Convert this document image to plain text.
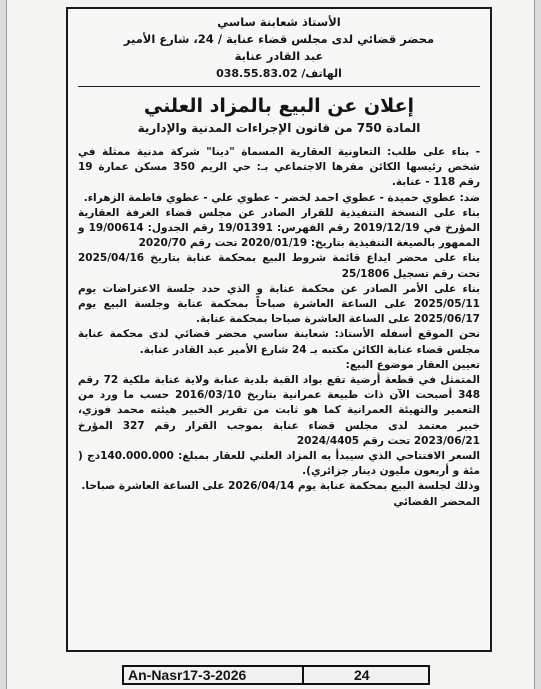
الأستاذ شعابنة ساسي
محضر قضائي لدى مجلس قضاء عنابة / 24، شارع الأمير
عبد القادر عنابة
الهاتف/ 038.55.83.02
إعلان عن البيع بالمزاد العلني
المادة 750 من قانون الإجراءات المدنية والإدارية

- بناء على طلب: التعاونية العقارية المسماة "دينا" شركة مدنية ممثلة في شخص رئيسها الكائن مقرها الاجتماعي بـ: حي الريم 350 مسكن عمارة 19 رقم 118 - عنابة.

ضد: عطوي حميدة - عطوي احمد لخضر - عطوي علي - عطوي فاطمة الزهراء.

بناء على النسخة التنفيذية للقرار الصادر عن مجلس قضاء الغرفة العقارية المؤرخ في 2019/12/19 رقم الفهرس: 19/01391 رقم الجدول: 19/00614 و الممهور بالصيغة التنفيذية بتاريخ: 2020/01/19 تحت رقم 2020/70

بناء على محضر ايداع قائمة شروط البيع بمحكمة عنابة بتاريخ 2025/04/16 تحت رقم تسجيل 25/1806

بناء على الأمر الصادر عن محكمة عنابة و الذي حدد جلسة الاعتراضات يوم 2025/05/11 على الساعة العاشرة صباحاً بمحكمة عنابة وجلسة البيع يوم 2025/06/17 على الساعة العاشرة صباحا بمحكمة عنابة.

نحن الموقع أسفله الأستاذ: شعابنة ساسي محضر قضائي لدى محكمة عنابة مجلس قضاء عنابة الكائن مكتبه بـ 24 شارع الأمير عبد القادر عنابة.

تعيين العقار موضوع البيع:

المتمثل في قطعة أرضية تقع بواد القبة بلدية عنابة ولاية عنابة ملكية 72 رقم 348 أصبحت الآن ذات طبيعة عمرانية بتاريخ 2016/03/10 حسب ما ورد من التعمير والتهيئة العمرانية كما هو ثابت من تقرير الخبير هيئته محمد فوزي، خبير معتمد لدى مجلس قضاء عنابة بموجب القرار رقم 327 المؤرخ 2023/06/21 تحت رقم 2024/4405

السعر الافتتاحي الذي سيبدأ به المزاد العلني للعقار بمبلغ: 140.000.000دج ( مئة و أربعون مليون دينار جزائري).

وذلك لجلسة البيع بمحكمة عنابة يوم 2026/04/14 على الساعة العاشرة صباحا.

المحضر القضائي

An-Nasr17-3-2026	24
